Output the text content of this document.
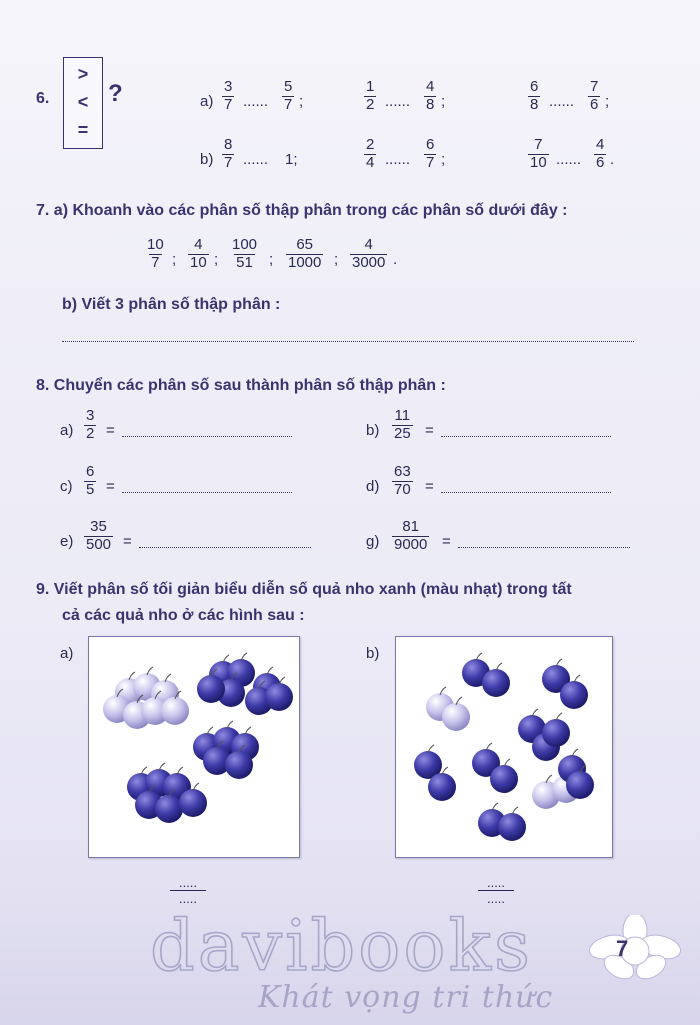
6.
>
<
=
?	$a) \frac{3}{7}$ ...... $\frac{5}{7}$ ;	$\frac{1}{2}$ ...... $\frac{4}{8}$ ;	$\frac{6}{8}$ ...... $\frac{7}{6}$ ;
$b) \frac{8}{7}$ ...... 1;	$\frac{2}{4}$ ...... $\frac{6}{7}$ ;	$\frac{7}{10}$ ...... $\frac{4}{6}$ .
7. a) Khoanh vào các phân số thập phân trong các phân số dưới đây :
$\frac{10}{7}$ ; $\frac{4}{10}$ ; $\frac{100}{51}$ ; $\frac{65}{1000}$ ; $\frac{4}{3000}$ .
b) Viết 3 phân số thập phân :
8. Chuyển các phân số sau thành phân số thập phân :
$a) \frac{3}{2}$ =	$b) \frac{11}{25}$ =
$c) \frac{6}{5}$ =	$d) \frac{63}{70}$ =
$e) \frac{35}{500}$ =	$g) \frac{81}{9000}$ =
9. Viết phân số tối giản biểu diễn số quả nho xanh (màu nhạt) trong tất
cả các quả nho ở các hình sau :
a)	b)
.....
.....
.....
.....
davibooks
Khát vọng tri thức
7
